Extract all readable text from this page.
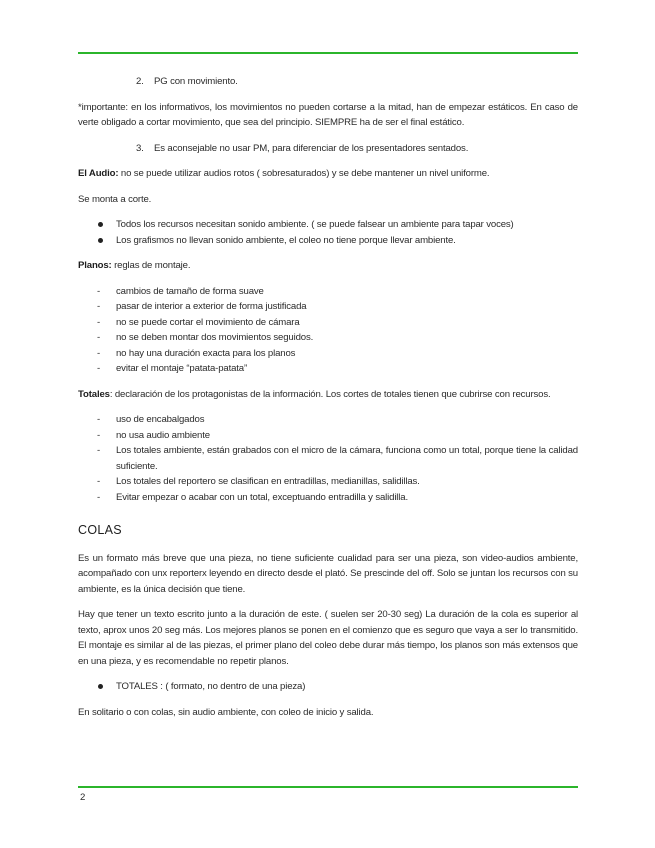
2. PG con movimiento.

*importante: en los informativos, los movimientos no pueden cortarse a la mitad, han de empezar estáticos. En caso de verte obligado a cortar movimiento, que sea del principio. SIEMPRE ha de ser el final estático.

3. Es aconsejable no usar PM, para diferenciar de los presentadores sentados.

El Audio: no se puede utilizar audios rotos ( sobresaturados) y se debe mantener un nivel uniforme.

Se monta a corte.

Todos los recursos necesitan sonido ambiente. ( se puede falsear un ambiente para tapar voces)
Los grafismos no llevan sonido ambiente, el coleo no tiene porque llevar ambiente.

Planos: reglas de montaje.

- cambios de tamaño de forma suave
- pasar de interior a exterior de forma justificada
- no se puede cortar el movimiento de cámara
- no se deben montar dos movimientos seguidos.
- no hay una duración exacta para los planos
- evitar el montaje “patata-patata”

Totales: declaración de los protagonistas de la información. Los cortes de totales tienen que cubrirse con recursos.

- uso de encabalgados
- no usa audio ambiente
- Los totales ambiente, están grabados con el micro de la cámara, funciona como un total, porque tiene la calidad suficiente.
- Los totales del reportero se clasifican en entradillas, medianillas, salidillas.
- Evitar empezar o acabar con un total, exceptuando entradilla y salidilla.
COLAS

Es un formato más breve que una pieza, no tiene suficiente cualidad para ser una pieza, son video-audios ambiente, acompañado con unx reporterx leyendo en directo desde el plató. Se prescinde del off. Solo se juntan los recursos con su ambiente, es la única decisión que tiene.

Hay que tener un texto escrito junto a la duración de este. ( suelen ser 20-30 seg) La duración de la cola es superior al texto, aprox unos 20 seg más. Los mejores planos se ponen en el comienzo que es seguro que vaya a ser lo transmitido. El montaje es similar al de las piezas, el primer plano del coleo debe durar más tiempo, los planos son más extensos que en una pieza, y es recomendable no repetir planos.

TOTALES : ( formato, no dentro de una pieza)

En solitario o con colas, sin audio ambiente, con coleo de inicio y salida.

2
